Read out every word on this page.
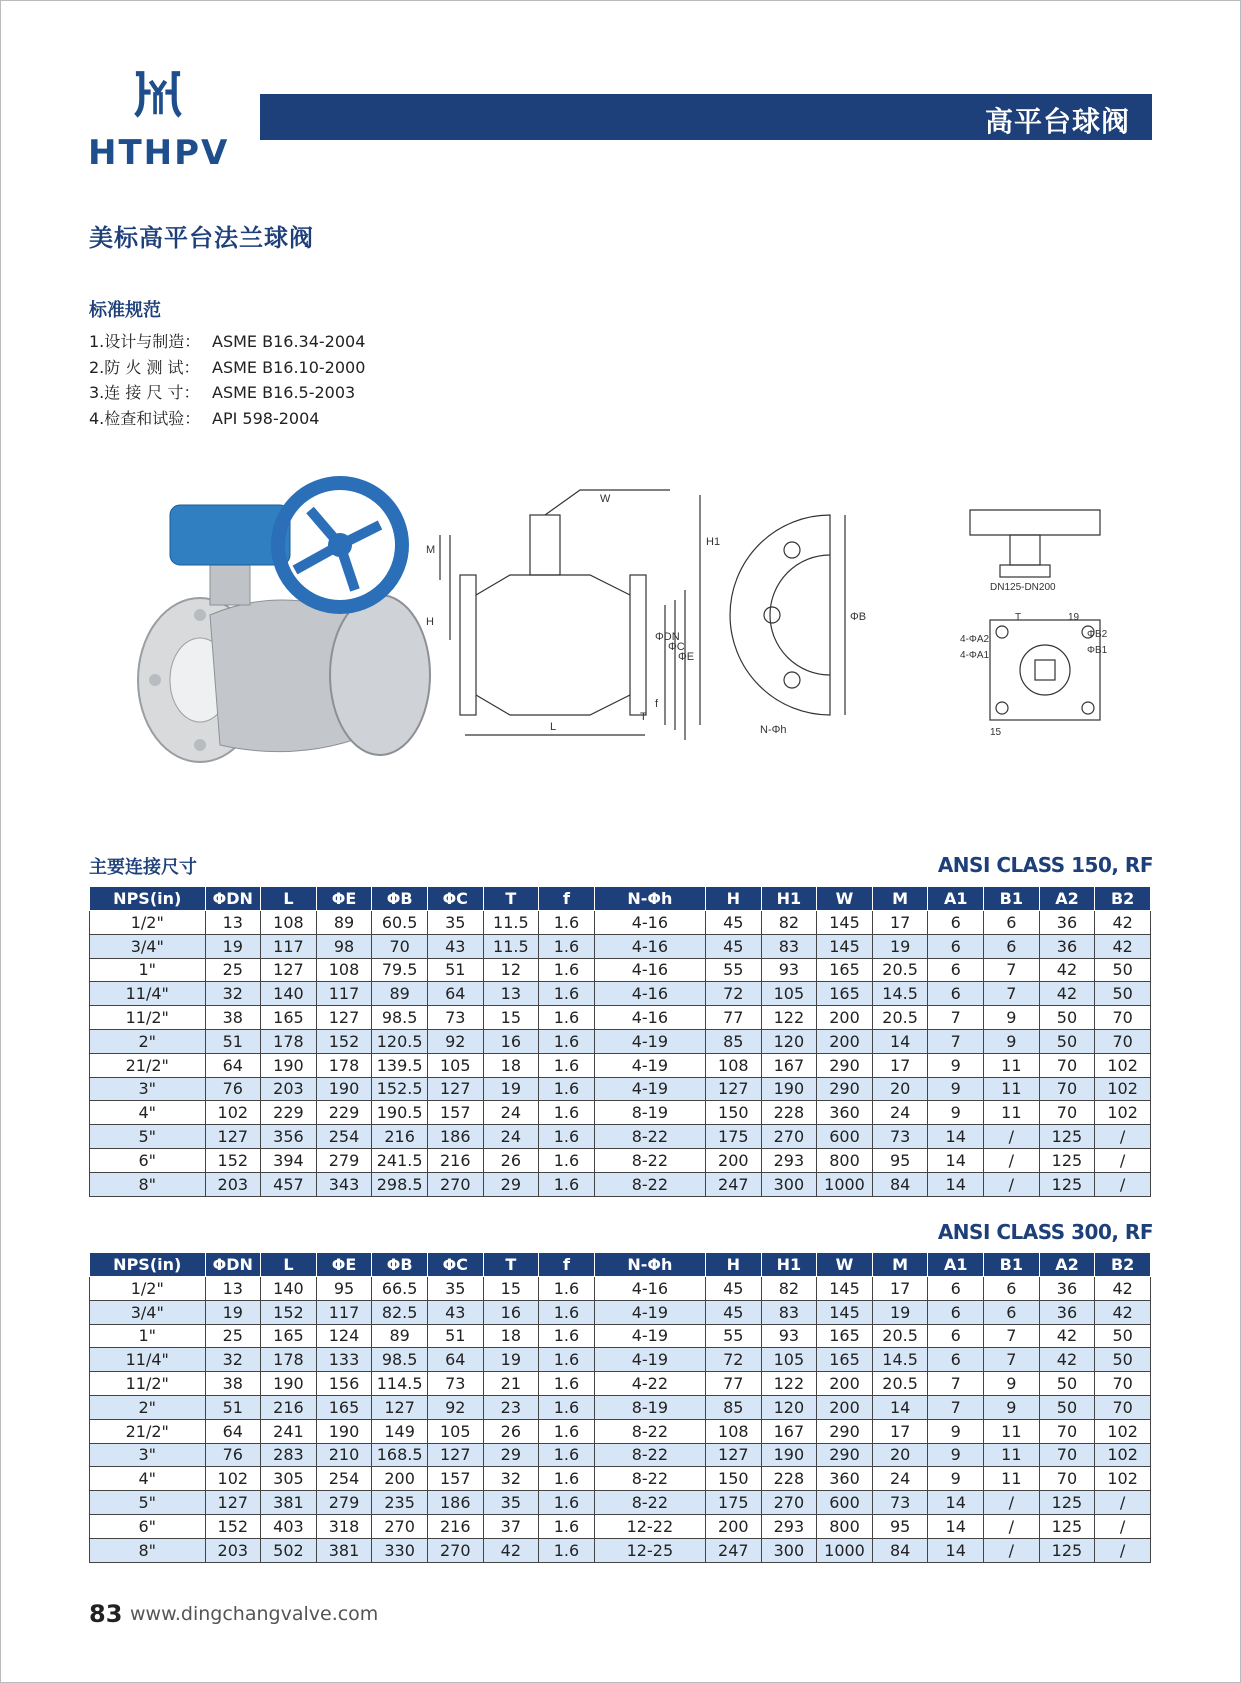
HTHPV
高平台球阀
美标高平台法兰球阀
标准规范
1.设计与制造： ASME B16.34-2004
2.防 火 测 试： ASME B16.10-2000
3.连 接 尺 寸： ASME B16.5-2003
4.检查和试验： API 598-2004
W
H1
M
H
ΦDN
ΦC
ΦE
L
T
f
ΦB
N-Φh
DN125-DN200
4-ΦA2
4-ΦA1
T	19
ΦB2
ΦB1
15
主要连接尺寸	ANSI CLASS 150, RF
NPS(in)	ΦDN	L	ΦE	ΦB	ΦC	T	f	N-Φh	H	H1	W	M	A1	B1	A2	B2
1/2"	13	108	89	60.5	35	11.5	1.6	4-16	45	82	145	17	6	6	36	42
3/4"	19	117	98	70	43	11.5	1.6	4-16	45	83	145	19	6	6	36	42
1"	25	127	108	79.5	51	12	1.6	4-16	55	93	165	20.5	6	7	42	50
11/4"	32	140	117	89	64	13	1.6	4-16	72	105	165	14.5	6	7	42	50
11/2"	38	165	127	98.5	73	15	1.6	4-16	77	122	200	20.5	7	9	50	70
2"	51	178	152	120.5	92	16	1.6	4-19	85	120	200	14	7	9	50	70
21/2"	64	190	178	139.5	105	18	1.6	4-19	108	167	290	17	9	11	70	102
3"	76	203	190	152.5	127	19	1.6	4-19	127	190	290	20	9	11	70	102
4"	102	229	229	190.5	157	24	1.6	8-19	150	228	360	24	9	11	70	102
5"	127	356	254	216	186	24	1.6	8-22	175	270	600	73	14	/	125	/
6"	152	394	279	241.5	216	26	1.6	8-22	200	293	800	95	14	/	125	/
8"	203	457	343	298.5	270	29	1.6	8-22	247	300	1000	84	14	/	125	/
ANSI CLASS 300, RF
NPS(in)	ΦDN	L	ΦE	ΦB	ΦC	T	f	N-Φh	H	H1	W	M	A1	B1	A2	B2
1/2"	13	140	95	66.5	35	15	1.6	4-16	45	82	145	17	6	6	36	42
3/4"	19	152	117	82.5	43	16	1.6	4-19	45	83	145	19	6	6	36	42
1"	25	165	124	89	51	18	1.6	4-19	55	93	165	20.5	6	7	42	50
11/4"	32	178	133	98.5	64	19	1.6	4-19	72	105	165	14.5	6	7	42	50
11/2"	38	190	156	114.5	73	21	1.6	4-22	77	122	200	20.5	7	9	50	70
2"	51	216	165	127	92	23	1.6	8-19	85	120	200	14	7	9	50	70
21/2"	64	241	190	149	105	26	1.6	8-22	108	167	290	17	9	11	70	102
3"	76	283	210	168.5	127	29	1.6	8-22	127	190	290	20	9	11	70	102
4"	102	305	254	200	157	32	1.6	8-22	150	228	360	24	9	11	70	102
5"	127	381	279	235	186	35	1.6	8-22	175	270	600	73	14	/	125	/
6"	152	403	318	270	216	37	1.6	12-22	200	293	800	95	14	/	125	/
8"	203	502	381	330	270	42	1.6	12-25	247	300	1000	84	14	/	125	/
83 www.dingchangvalve.com
